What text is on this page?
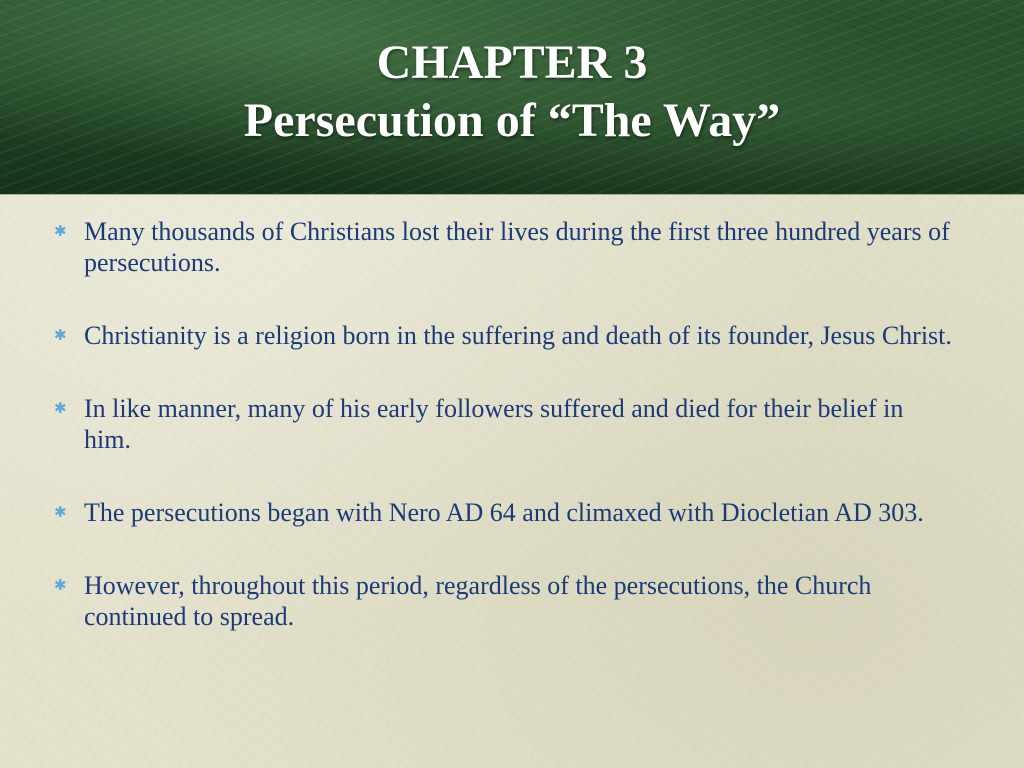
CHAPTER 3
Persecution of “The Way”
✱ Many thousands of Christians lost their lives during the first three hundred years of persecutions.
✱ Christianity is a religion born in the suffering and death of its founder, Jesus Christ.
✱ In like manner, many of his early followers suffered and died for their belief in him.
✱ The persecutions began with Nero AD 64 and climaxed with Diocletian AD 303.
✱ However, throughout this period, regardless of the persecutions, the Church continued to spread.
